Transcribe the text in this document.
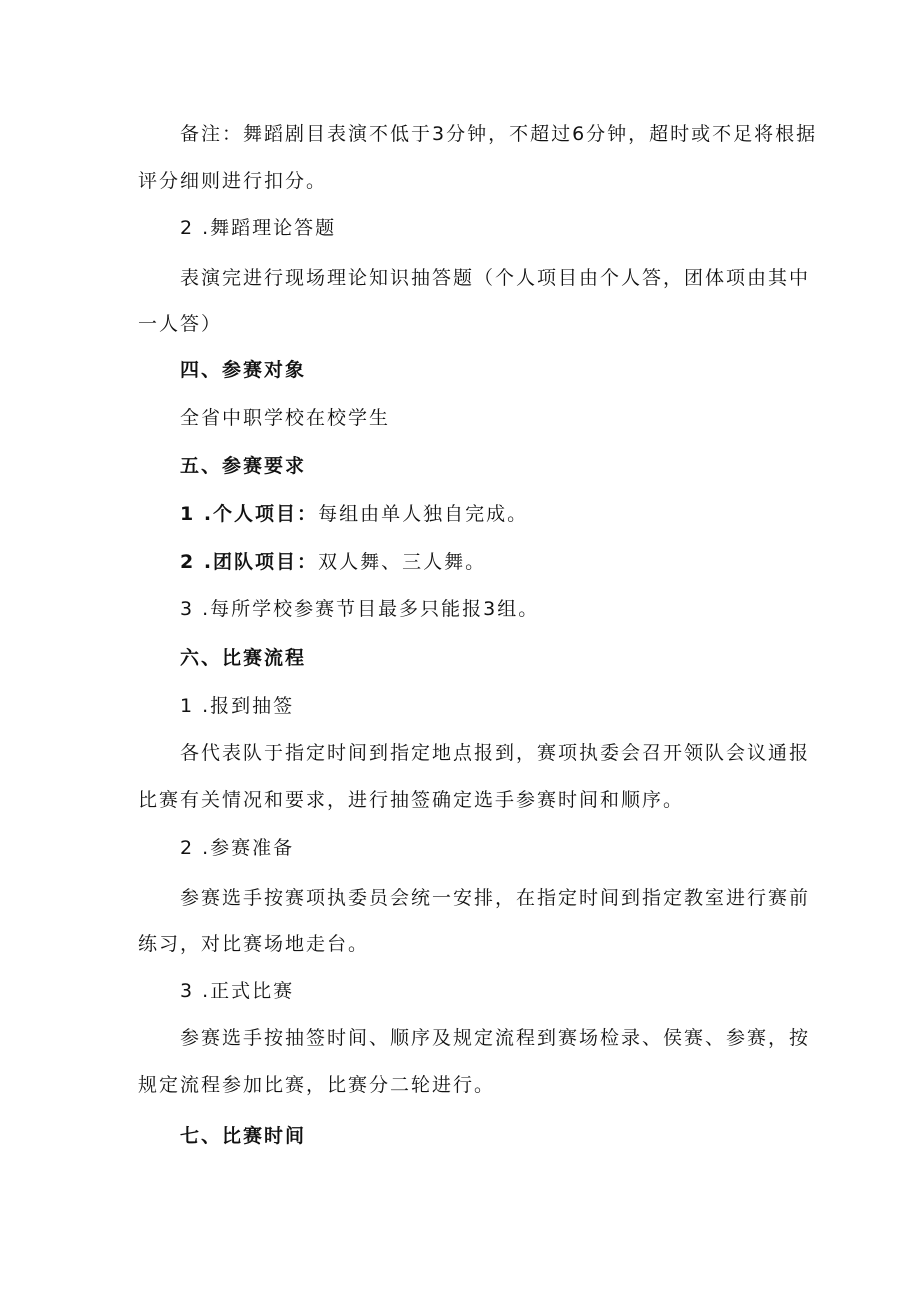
备注：舞蹈剧目表演不低于3分钟，不超过6分钟，超时或不足将根据
评分细则进行扣分。
2 .舞蹈理论答题
表演完进行现场理论知识抽答题（个人项目由个人答，团体项由其中
一人答）
四、参赛对象
全省中职学校在校学生
五、参赛要求
1 .个人项目：每组由单人独自完成。
2 .团队项目：双人舞、三人舞。
3 .每所学校参赛节目最多只能报3组。
六、比赛流程
1 .报到抽签
各代表队于指定时间到指定地点报到，赛项执委会召开领队会议通报
比赛有关情况和要求，进行抽签确定选手参赛时间和顺序。
2 .参赛准备
参赛选手按赛项执委员会统一安排，在指定时间到指定教室进行赛前
练习，对比赛场地走台。
3 .正式比赛
参赛选手按抽签时间、顺序及规定流程到赛场检录、侯赛、参赛，按
规定流程参加比赛，比赛分二轮进行。
七、比赛时间
